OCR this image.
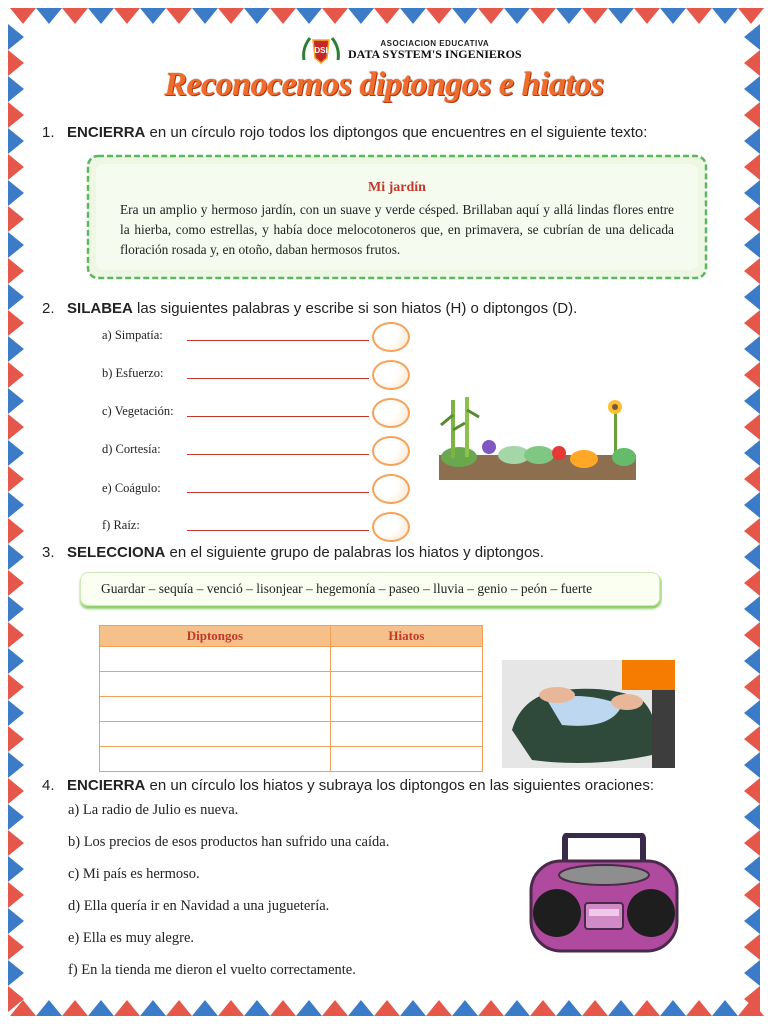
DSI
ASOCIACION EDUCATIVA
DATA SYSTEM'S INGENIEROS
Reconocemos diptongos e hiatos
1. ENCIERRA en un círculo rojo todos los diptongos que encuentres en el siguiente texto:
Mi jardín
Era un amplio y hermoso jardín, con un suave y verde césped. Brillaban aquí y allá lindas flores entre la hierba, como estrellas, y había doce melocotoneros que, en primavera, se cubrían de una delicada floración rosada y, en otoño, daban hermosos frutos.
2. SILABEA las siguientes palabras y escribe si son hiatos (H) o diptongos (D).
a) Simpatía:
b) Esfuerzo:
c) Vegetación:
d) Cortesía:
e) Coágulo:
f) Raíz:
3. SELECCIONA en el siguiente grupo de palabras los hiatos y diptongos.
Guardar – sequía – venció – lisonjear – hegemonía – paseo – lluvia – genio – peón – fuerte
Diptongos	Hiatos

4. ENCIERRA en un círculo los hiatos y subraya los diptongos en las siguientes oraciones:
a) La radio de Julio es nueva.
b) Los precios de esos productos han sufrido una caída.
c) Mi país es hermoso.
d) Ella quería ir en Navidad a una juguetería.
e) Ella es muy alegre.
f) En la tienda me dieron el vuelto correctamente.
